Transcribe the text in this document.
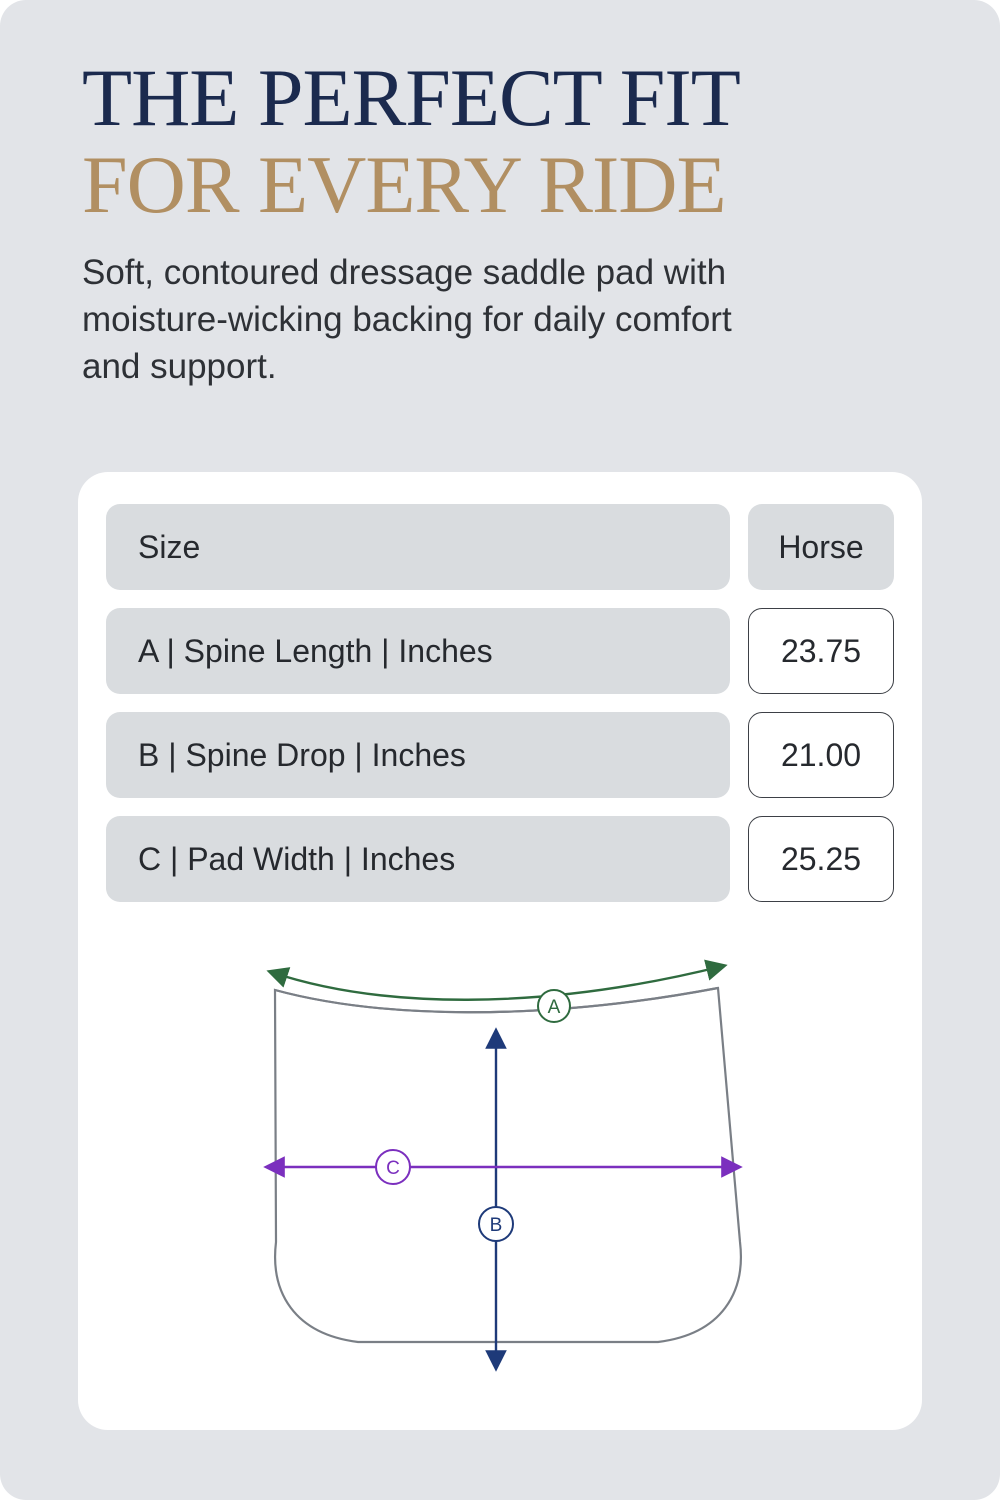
THE PERFECT FIT
FOR EVERY RIDE

Soft, contoured dressage saddle pad with moisture-wicking backing for daily comfort and support.

Size	Horse
A | Spine Length | Inches	23.75
B | Spine Drop | Inches	21.00
C | Pad Width | Inches	25.25
A
B
C
